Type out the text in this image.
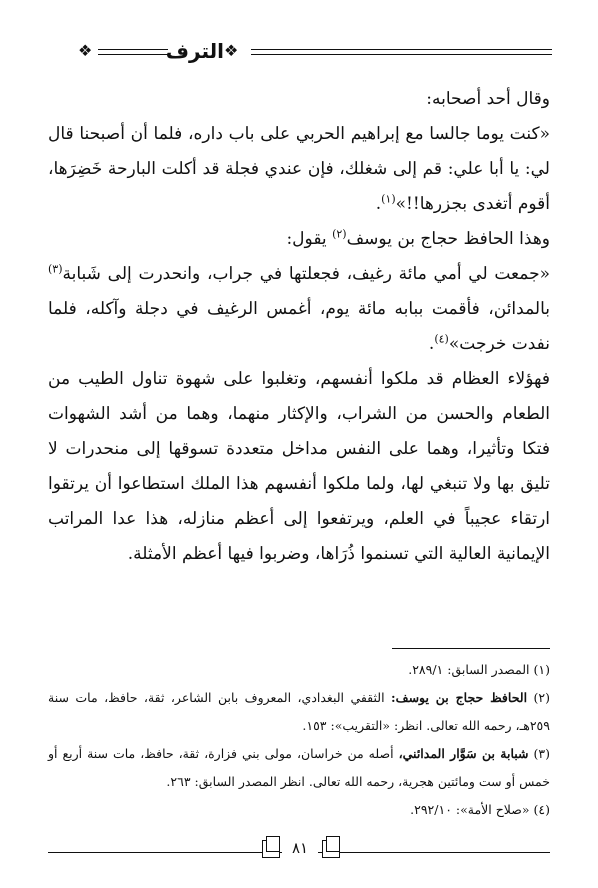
❖	الترف ❖

وقال أحد أصحابه:

«كنت يوما جالسا مع إبراهيم الحربي على باب داره، فلما أن أصبحنا قال لي: يا أبا علي: قم إلى شغلك، فإن عندي فجلة قد أكلت البارحة خَضِرَها، أقوم أتغدى بجزرها!!»$^{(١)}$.

وهذا الحافظ حجاج بن يوسف$^{(٢)}$ يقول:

«جمعت لي أمي مائة رغيف، فجعلتها في جراب، وانحدرت إلى شَبابة$^{(٣)}$ بالمدائن، فأقمت ببابه مائة يوم، أغمس الرغيف في دجلة وآكله، فلما نفدت خرجت»$^{(٤)}$.

فهؤلاء العظام قد ملكوا أنفسهم، وتغلبوا على شهوة تناول الطيب من الطعام والحسن من الشراب، والإكثار منهما، وهما من أشد الشهوات فتكا وتأثيرا، وهما على النفس مداخل متعددة تسوقها إلى منحدرات لا تليق بها ولا تنبغي لها، ولما ملكوا أنفسهم هذا الملك استطاعوا أن يرتقوا ارتقاء عجيباً في العلم، ويرتفعوا إلى أعظم منازله، هذا عدا المراتب الإيمانية العالية التي تسنموا ذُرَاها، وضربوا فيها أعظم الأمثلة.

(١) المصدر السابق: ٢٨٩/١.

(٢) الحافظ حجاج بن يوسف: الثقفي البغدادي، المعروف بابن الشاعر، ثقة، حافظ، مات سنة ٢٥٩هـ، رحمه الله تعالى. انظر: «التقريب»: ١٥٣.

(٣) شبابة بن سَوَّار المدائني، أصله من خراسان، مولى بني فزارة، ثقة، حافظ، مات سنة أربع أو خمس أو ست ومائتين هجرية، رحمه الله تعالى. انظر المصدر السابق: ٢٦٣.

(٤) «صلاح الأمة»: ٢٩٢/١٠.

٨١
